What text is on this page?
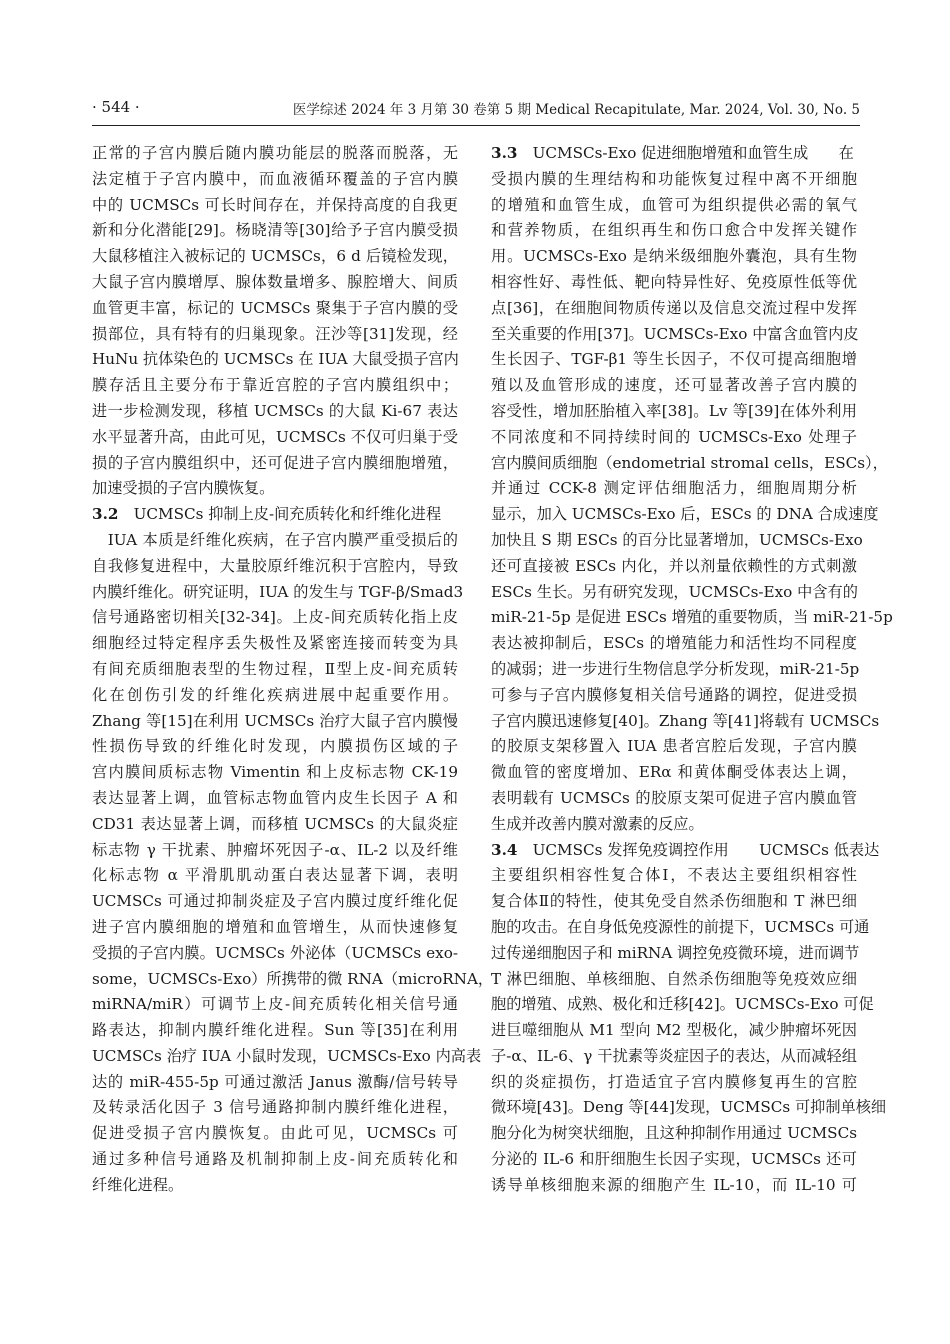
· 544 ·	医学综述 2024 年 3 月第 30 卷第 5 期 Medical Recapitulate, Mar. 2024, Vol. 30, No. 5
正常的子宫内膜后随内膜功能层的脱落而脱落，无
法定植于子宫内膜中，而血液循环覆盖的子宫内膜
中的 UCMSCs 可长时间存在，并保持高度的自我更
新和分化潜能[29]。杨晓清等[30]给予子宫内膜受损
大鼠移植注入被标记的 UCMSCs，6 d 后镜检发现，
大鼠子宫内膜增厚、腺体数量增多、腺腔增大、间质
血管更丰富，标记的 UCMSCs 聚集于子宫内膜的受
损部位，具有特有的归巢现象。汪沙等[31]发现，经
HuNu 抗体染色的 UCMSCs 在 IUA 大鼠受损子宫内
膜存活且主要分布于靠近宫腔的子宫内膜组织中；
进一步检测发现，移植 UCMSCs 的大鼠 Ki-67 表达
水平显著升高，由此可见，UCMSCs 不仅可归巢于受
损的子宫内膜组织中，还可促进子宫内膜细胞增殖，
加速受损的子宫内膜恢复。
3.2  UCMSCs 抑制上皮-间充质转化和纤维化进程
　IUA 本质是纤维化疾病，在子宫内膜严重受损后的
自我修复进程中，大量胶原纤维沉积于宫腔内，导致
内膜纤维化。研究证明，IUA 的发生与 TGF-β/Smad3
信号通路密切相关[32-34]。上皮-间充质转化指上皮
细胞经过特定程序丢失极性及紧密连接而转变为具
有间充质细胞表型的生物过程，Ⅱ型上皮-间充质转
化在创伤引发的纤维化疾病进展中起重要作用。
Zhang 等[15]在利用 UCMSCs 治疗大鼠子宫内膜慢
性损伤导致的纤维化时发现，内膜损伤区域的子
宫内膜间质标志物 Vimentin 和上皮标志物 CK-19
表达显著上调，血管标志物血管内皮生长因子 A 和
CD31 表达显著上调，而移植 UCMSCs 的大鼠炎症
标志物 γ 干扰素、肿瘤坏死因子-α、IL-2 以及纤维
化标志物 α 平滑肌肌动蛋白表达显著下调，表明
UCMSCs 可通过抑制炎症及子宫内膜过度纤维化促
进子宫内膜细胞的增殖和血管增生，从而快速修复
受损的子宫内膜。UCMSCs 外泌体（UCMSCs exo-
some，UCMSCs-Exo）所携带的微 RNA（microRNA，
miRNA/miR）可调节上皮-间充质转化相关信号通
路表达，抑制内膜纤维化进程。Sun 等[35]在利用
UCMSCs 治疗 IUA 小鼠时发现，UCMSCs-Exo 内高表
达的 miR-455-5p 可通过激活 Janus 激酶/信号转导
及转录活化因子 3 信号通路抑制内膜纤维化进程，
促进受损子宫内膜恢复。由此可见，UCMSCs 可
通过多种信号通路及机制抑制上皮-间充质转化和
纤维化进程。
3.3  UCMSCs-Exo 促进细胞增殖和血管生成   在
受损内膜的生理结构和功能恢复过程中离不开细胞
的增殖和血管生成，血管可为组织提供必需的氧气
和营养物质，在组织再生和伤口愈合中发挥关键作
用。UCMSCs-Exo 是纳米级细胞外囊泡，具有生物
相容性好、毒性低、靶向特异性好、免疫原性低等优
点[36]，在细胞间物质传递以及信息交流过程中发挥
至关重要的作用[37]。UCMSCs-Exo 中富含血管内皮
生长因子、TGF-β1 等生长因子，不仅可提高细胞增
殖以及血管形成的速度，还可显著改善子宫内膜的
容受性，增加胚胎植入率[38]。Lv 等[39]在体外利用
不同浓度和不同持续时间的 UCMSCs-Exo 处理子
宫内膜间质细胞（endometrial stromal cells，ESCs），
并通过 CCK-8 测定评估细胞活力，细胞周期分析
显示，加入 UCMSCs-Exo 后，ESCs 的 DNA 合成速度
加快且 S 期 ESCs 的百分比显著增加，UCMSCs-Exo
还可直接被 ESCs 内化，并以剂量依赖性的方式刺激
ESCs 生长。另有研究发现，UCMSCs-Exo 中含有的
miR-21-5p 是促进 ESCs 增殖的重要物质，当 miR-21-5p
表达被抑制后，ESCs 的增殖能力和活性均不同程度
的减弱；进一步进行生物信息学分析发现，miR-21-5p
可参与子宫内膜修复相关信号通路的调控，促进受损
子宫内膜迅速修复[40]。Zhang 等[41]将载有 UCMSCs
的胶原支架移置入 IUA 患者宫腔后发现，子宫内膜
微血管的密度增加、ERα 和黄体酮受体表达上调，
表明载有 UCMSCs 的胶原支架可促进子宫内膜血管
生成并改善内膜对激素的反应。
3.4  UCMSCs 发挥免疫调控作用   UCMSCs 低表达
主要组织相容性复合体Ⅰ，不表达主要组织相容性
复合体Ⅱ的特性，使其免受自然杀伤细胞和 T 淋巴细
胞的攻击。在自身低免疫源性的前提下，UCMSCs 可通
过传递细胞因子和 miRNA 调控免疫微环境，进而调节
T 淋巴细胞、单核细胞、自然杀伤细胞等免疫效应细
胞的增殖、成熟、极化和迁移[42]。UCMSCs-Exo 可促
进巨噬细胞从 M1 型向 M2 型极化，减少肿瘤坏死因
子-α、IL-6、γ 干扰素等炎症因子的表达，从而减轻组
织的炎症损伤，打造适宜子宫内膜修复再生的宫腔
微环境[43]。Deng 等[44]发现，UCMSCs 可抑制单核细
胞分化为树突状细胞，且这种抑制作用通过 UCMSCs
分泌的 IL-6 和肝细胞生长因子实现，UCMSCs 还可
诱导单核细胞来源的细胞产生 IL-10，而 IL-10 可
